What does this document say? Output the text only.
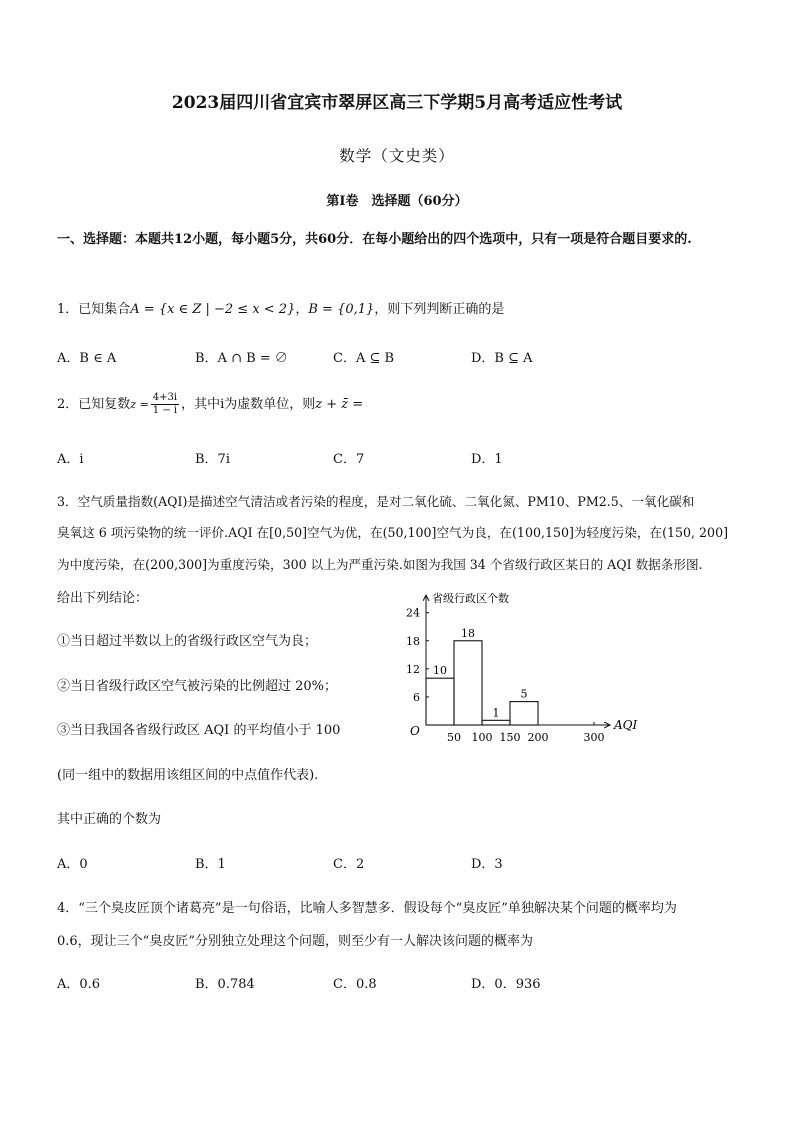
2023届四川省宜宾市翠屏区高三下学期5月高考适应性考试
数学（文史类）
第Ⅰ卷　选择题（60分）
一、选择题：本题共12小题，每小题5分，共60分．在每小题给出的四个选项中，只有一项是符合题目要求的.
1．已知集合A = {x ∈ Z | −2 ≤ x < 2}，B = {0,1}，则下列判断正确的是
A．B ∈ A	B．A ∩ B = ∅	C．A ⊆ B	D．B ⊆ A
2．已知复数$z = \frac{4+3i}{1 - i}$ ，其中i为虚数单位，则z + z̄ =
A．i	B．7i	C．7	D．1
3．空气质量指数(AQI)是描述空气清洁或者污染的程度，是对二氧化硫、二氧化氮、PM10、PM2.5、一氧化碳和
臭氧这 6 项污染物的统一评价.AQI 在[0,50]空气为优，在(50,100]空气为良，在(100,150]为轻度污染，在(150, 200]
为中度污染，在(200,300]为重度污染，300 以上为严重污染.如图为我国 34 个省级行政区某日的 AQI 数据条形图.
给出下列结论：
①当日超过半数以上的省级行政区空气为良；
②当日省级行政区空气被污染的比例超过 20%；
③当日我国各省级行政区 AQI 的平均值小于 100
(同一组中的数据用该组区间的中点值作代表).
其中正确的个数为
A．0	B．1	C．2	D．3
省级行政区个数
AQI
O
6
12
18
24
50 100 150 200	300
10
18
1
5
4．“三个臭皮匠顶个诸葛亮”是一句俗语，比喻人多智慧多．假设每个“臭皮匠”单独解决某个问题的概率均为
0.6，现让三个“臭皮匠”分别独立处理这个问题，则至少有一人解决该问题的概率为
A．0.6	B．0.784	C．0.8	D．0．936
